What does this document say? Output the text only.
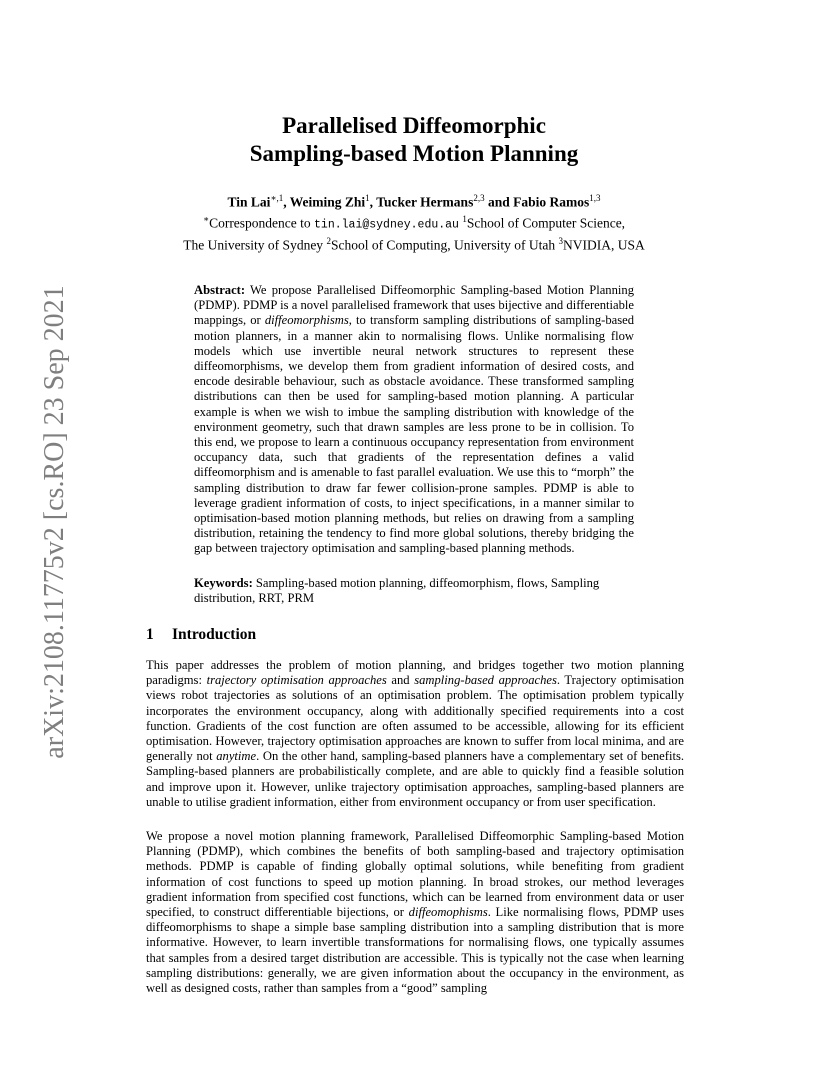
arXiv:2108.11775v2 [cs.RO] 23 Sep 2021
Parallelised Diffeomorphic
Sampling-based Motion Planning
Tin Lai$^{∗,1}$, Weiming Zhi$^1$, Tucker Hermans$^{2,3}$ and Fabio Ramos$^{1,3}$
∗Correspondence to tin.lai@sydney.edu.au $^1$School of Computer Science,
The University of Sydney $^2$School of Computing, University of Utah $^3$NVIDIA, USA
Abstract: We propose Parallelised Diffeomorphic Sampling-based Motion Planning (PDMP). PDMP is a novel parallelised framework that uses bijective and differentiable mappings, or diffeomorphisms, to transform sampling distributions of sampling-based motion planners, in a manner akin to normalising flows. Unlike normalising flow models which use invertible neural network structures to represent these diffeomorphisms, we develop them from gradient information of desired costs, and encode desirable behaviour, such as obstacle avoidance. These transformed sampling distributions can then be used for sampling-based motion planning. A particular example is when we wish to imbue the sampling distribution with knowledge of the environment geometry, such that drawn samples are less prone to be in collision. To this end, we propose to learn a continuous occupancy representation from environment occupancy data, such that gradients of the representation defines a valid diffeomorphism and is amenable to fast parallel evaluation. We use this to “morph” the sampling distribution to draw far fewer collision-prone samples. PDMP is able to leverage gradient information of costs, to inject specifications, in a manner similar to optimisation-based motion planning methods, but relies on drawing from a sampling distribution, retaining the tendency to find more global solutions, thereby bridging the gap between trajectory optimisation and sampling-based planning methods.
Keywords: Sampling-based motion planning, diffeomorphism, flows, Sampling distribution, RRT, PRM
1 Introduction
This paper addresses the problem of motion planning, and bridges together two motion planning paradigms: trajectory optimisation approaches and sampling-based approaches. Trajectory optimisation views robot trajectories as solutions of an optimisation problem. The optimisation problem typically incorporates the environment occupancy, along with additionally specified requirements into a cost function. Gradients of the cost function are often assumed to be accessible, allowing for its efficient optimisation. However, trajectory optimisation approaches are known to suffer from local minima, and are generally not anytime. On the other hand, sampling-based planners have a complementary set of benefits. Sampling-based planners are probabilistically complete, and are able to quickly find a feasible solution and improve upon it. However, unlike trajectory optimisation approaches, sampling-based planners are unable to utilise gradient information, either from environment occupancy or from user specification.
We propose a novel motion planning framework, Parallelised Diffeomorphic Sampling-based Motion Planning (PDMP), which combines the benefits of both sampling-based and trajectory optimisation methods. PDMP is capable of finding globally optimal solutions, while benefiting from gradient information of cost functions to speed up motion planning. In broad strokes, our method leverages gradient information from specified cost functions, which can be learned from environment data or user specified, to construct differentiable bijections, or diffeomophisms. Like normalising flows, PDMP uses diffeomorphisms to shape a simple base sampling distribution into a sampling distribution that is more informative. However, to learn invertible transformations for normalising flows, one typically assumes that samples from a desired target distribution are accessible. This is typically not the case when learning sampling distributions: generally, we are given information about the occupancy in the environment, as well as designed costs, rather than samples from a “good” sampling
